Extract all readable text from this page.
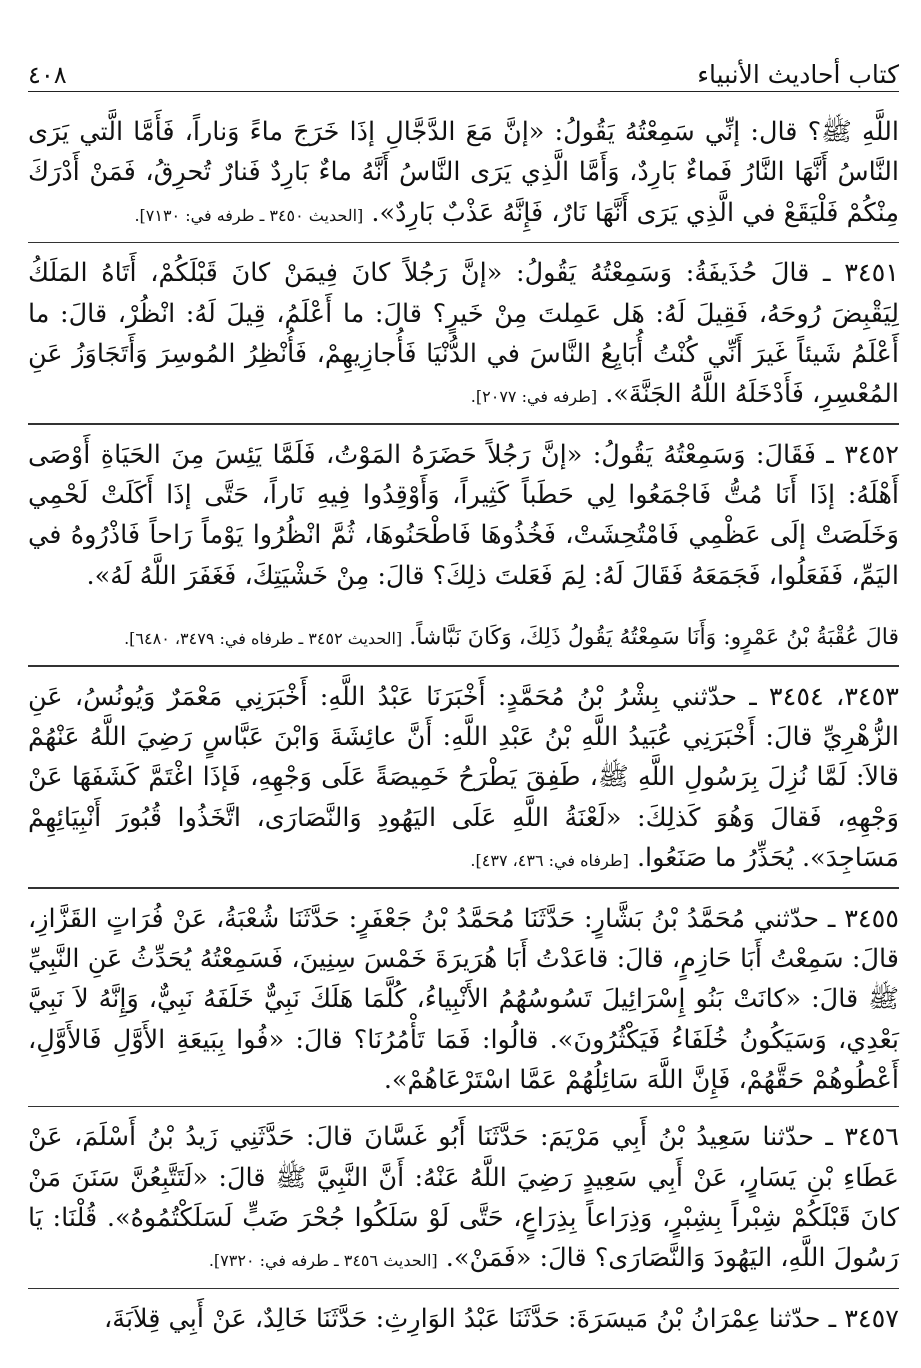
كتاب أحاديث الأنبياء
٤٠٨

اللَّهِ ﷺ؟ قال: إنِّي سَمِعْتُهُ يَقُولُ: «إنَّ مَعَ الدَّجَّالِ إذَا خَرَجَ ماءً وَناراً، فَأَمَّا الَّتي يَرَى النَّاسُ أَنَّهَا النَّارُ فَماءٌ بَارِدٌ، وَأَمَّا الَّذِي يَرَى النَّاسُ أَنَّهُ ماءٌ بَارِدٌ فَنارٌ تُحرِقُ، فَمَنْ أَدْرَكَ مِنْكُمْ فَلْيَقَعْ في الَّذِي يَرَى أَنَّهَا نَارٌ، فَإِنَّهُ عَذْبٌ بَارِدٌ». [الحديث ٣٤٥٠ ـ طرفه في: ٧١٣٠].

٣٤٥١ ـ قالَ حُذَيفَةُ: وَسَمِعْتُهُ يَقُولُ: «إنَّ رَجُلاً كانَ فِيمَنْ كانَ قَبْلَكُمْ، أَتَاهُ المَلَكُ لِيَقْبِضَ رُوحَهُ، فَقِيلَ لَهُ: هَل عَمِلتَ مِنْ خَيرٍ؟ قالَ: ما أَعْلَمُ، قِيلَ لَهُ: انْظُرْ، قالَ: ما أَعْلَمُ شَيئاً غَيرَ أَنِّي كُنْتُ أُبَايِعُ النَّاسَ في الدُّنْيَا فَأُجازِيهِمْ، فَأُنْظِرُ المُوسِرَ وَأَتَجَاوَزُ عَنِ المُعْسِرِ، فَأَدْخَلَهُ اللَّهُ الجَنَّةَ». [طرفه في: ٢٠٧٧].

٣٤٥٢ ـ فَقَالَ: وَسَمِعْتُهُ يَقُولُ: «إنَّ رَجُلاً حَضَرَهُ المَوْتُ، فَلَمَّا يَئِسَ مِنَ الحَيَاةِ أَوْصَى أَهْلَهُ: إذَا أَنَا مُتُّ فَاجْمَعُوا لِي حَطَباً كَثِيراً، وَأَوْقِدُوا فِيهِ نَاراً، حَتَّى إذَا أَكَلَتْ لَحْمِي وَخَلَصَتْ إلَى عَظْمِي فَامْتُحِشَتْ، فَخُذُوهَا فَاطْحَنُوهَا، ثُمَّ انْظُرُوا يَوْماً رَاحاً فَاذْرُوهُ في اليَمِّ، فَفَعَلُوا، فَجَمَعَهُ فَقَالَ لَهُ: لِمَ فَعَلتَ ذلِكَ؟ قالَ: مِنْ خَشْيَتِكَ، فَغَفَرَ اللَّهُ لَهُ».

قالَ عُقْبَةُ بْنُ عَمْرٍو: وَأَنَا سَمِعْتُهُ يَقُولُ ذَلِكَ، وَكَانَ نَبَّاشاً. [الحديث ٣٤٥٢ ـ طرفاه في: ٣٤٧٩، ٦٤٨٠].

٣٤٥٣، ٣٤٥٤ ـ حدّثني بِشْرُ بْنُ مُحَمَّدٍ: أَخْبَرَنَا عَبْدُ اللَّهِ: أَخْبَرَنِي مَعْمَرٌ وَيُونُسُ، عَنِ الزُّهْرِيِّ قالَ: أَخْبَرَنِي عُبَيدُ اللَّهِ بْنُ عَبْدِ اللَّهِ: أَنَّ عائِشَةَ وَابْنَ عَبَّاسٍ رَضِيَ اللَّهُ عَنْهُمْ قالاَ: لَمَّا نُزِلَ بِرَسُولِ اللَّهِ ﷺ، طَفِقَ يَطْرَحُ خَمِيصَةً عَلَى وَجْهِهِ، فَإذَا اغْتَمَّ كَشَفَهَا عَنْ وَجْهِهِ، فَقالَ وَهُوَ كَذلِكَ: «لَعْنَةُ اللَّهِ عَلَى اليَهُودِ وَالنَّصَارَى، اتَّخَذُوا قُبُورَ أَنْبِيَائِهِمْ مَسَاجِدَ». يُحَذِّرُ ما صَنَعُوا. [طرفاه في: ٤٣٦، ٤٣٧].

٣٤٥٥ ـ حدّثني مُحَمَّدُ بْنُ بَشَّارٍ: حَدَّثَنَا مُحَمَّدُ بْنُ جَعْفَرٍ: حَدَّثَنَا شُعْبَةُ، عَنْ فُرَاتٍ القَزَّازِ، قالَ: سَمِعْتُ أَبَا حَازِمٍ، قالَ: قاعَدْتُ أَبَا هُرَيرَةَ خَمْسَ سِنِينَ، فَسَمِعْتُهُ يُحَدِّثُ عَنِ النَّبِيِّ ﷺ قالَ: «كانَتْ بَنُو إِسْرَائِيلَ تَسُوسُهُمُ الأَنْبِياءُ، كُلَّمَا هَلَكَ نَبِيٌّ خَلَفَهُ نَبِيٌّ، وَإِنَّهُ لاَ نَبِيَّ بَعْدِي، وَسَيَكُونُ خُلَفَاءُ فَيَكْثُرُونَ». قالُوا: فَمَا تَأْمُرُنَا؟ قالَ: «فُوا بِبَيعَةِ الأَوَّلِ فَالأَوَّلِ، أَعْطُوهُمْ حَقَّهُمْ، فَإِنَّ اللَّهَ سَائِلُهُمْ عَمَّا اسْتَرْعَاهُمْ».

٣٤٥٦ ـ حدّثنا سَعِيدُ بْنُ أَبِي مَرْيَمَ: حَدَّثَنَا أَبُو غَسَّانَ قالَ: حَدَّثَنِي زَيدُ بْنُ أَسْلَمَ، عَنْ عَطَاءِ بْنِ يَسَارٍ، عَنْ أَبِي سَعِيدٍ رَضِيَ اللَّهُ عَنْهُ: أَنَّ النَّبِيَّ ﷺ قالَ: «لَتَتَّبِعُنَّ سَنَنَ مَنْ كانَ قَبْلَكُمْ شِبْراً بِشِبْرٍ، وَذِرَاعاً بِذِرَاعٍ، حَتَّى لَوْ سَلَكُوا جُحْرَ ضَبٍّ لَسَلَكْتُمُوهُ». قُلْنَا: يَا رَسُولَ اللَّهِ، اليَهُودَ وَالنَّصَارَى؟ قالَ: «فَمَنْ». [الحديث ٣٤٥٦ ـ طرفه في: ٧٣٢٠].

٣٤٥٧ ـ حدّثنا عِمْرَانُ بْنُ مَيسَرَةَ: حَدَّثَنَا عَبْدُ الوَارِثِ: حَدَّثَنَا خَالِدٌ، عَنْ أَبِي قِلاَبَةَ،
